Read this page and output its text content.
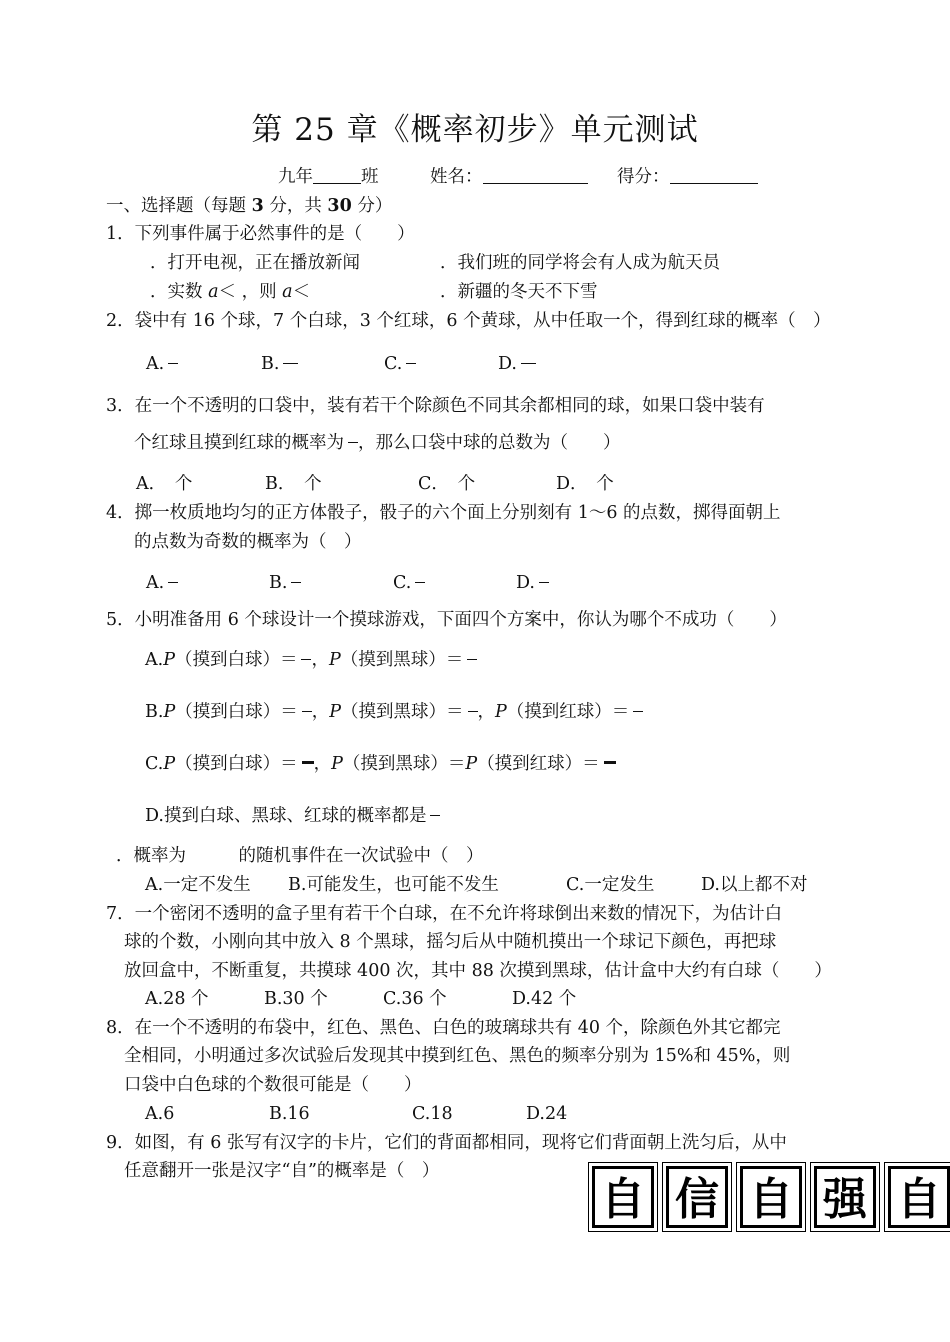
第 25 章《概率初步》单元测试
九年	班	姓名：	得分：
一、选择题（每题 3 分，共 30 分）
1．下列事件属于必然事件的是（　　）
．打开电视，正在播放新闻	．我们班的同学将会有人成为航天员
．实数 a＜ ，则 a＜	．新疆的冬天不下雪
2．袋中有 16 个球，7 个白球，3 个红球，6 个黄球，从中任取一个，得到红球的概率（　）
A.	B.	C.	D.
3．在一个不透明的口袋中，装有若干个除颜色不同其余都相同的球，如果口袋中装有
个红球且摸到红球的概率为 ，那么口袋中球的总数为（　　）
A．　个	B．　个	C．　个	D．　个
4．掷一枚质地均匀的正方体骰子，骰子的六个面上分别刻有 1～6 的点数，掷得面朝上
的点数为奇数的概率为（　）
A.	B.	C.	D.
5．小明准备用 6 个球设计一个摸球游戏，下面四个方案中，你认为哪个不成功（　　）
A.P（摸到白球）＝ ，P（摸到黑球）＝
B.P（摸到白球）＝ ，P（摸到黑球）＝ ，P（摸到红球）＝
C.P（摸到白球）＝ ，P（摸到黑球）＝P（摸到红球）＝
D.摸到白球、黑球、红球的概率都是
．概率为　　　的随机事件在一次试验中（　）
A.一定不发生 B.可能发生，也可能不发生	C.一定发生	D.以上都不对
7．一个密闭不透明的盒子里有若干个白球，在不允许将球倒出来数的情况下，为估计白
球的个数，小刚向其中放入 8 个黑球，摇匀后从中随机摸出一个球记下颜色，再把球
放回盒中，不断重复，共摸球 400 次，其中 88 次摸到黑球，估计盒中大约有白球（　　）
A.28 个	B.30 个	C.36 个	D.42 个
8．在一个不透明的布袋中，红色、黑色、白色的玻璃球共有 40 个，除颜色外其它都完
全相同，小明通过多次试验后发现其中摸到红色、黑色的频率分别为 15%和 45%，则
口袋中白色球的个数很可能是（　　）
A.6	B.16	C.18	D.24
9．如图，有 6 张写有汉字的卡片，它们的背面都相同，现将它们背面朝上洗匀后，从中
任意翻开一张是汉字“自”的概率是（　）
自 信 自 强 自
